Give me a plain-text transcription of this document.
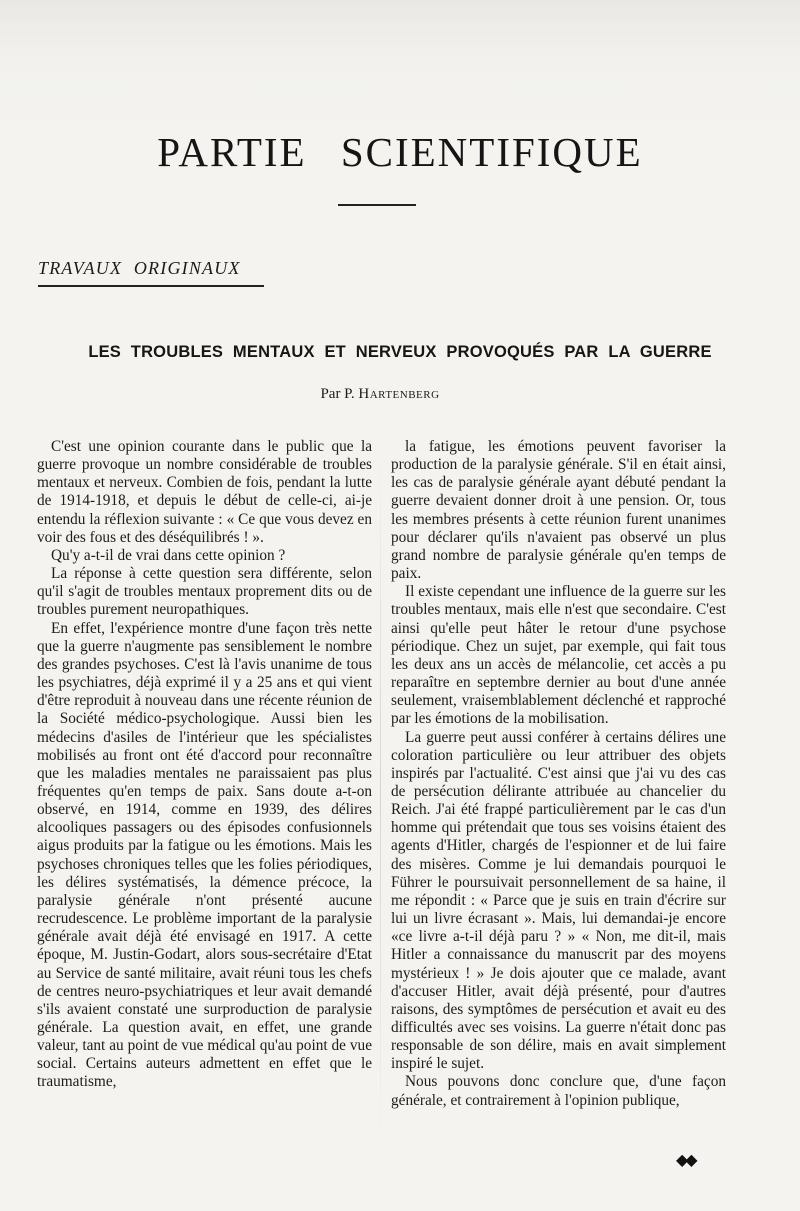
PARTIE SCIENTIFIQUE
TRAVAUX ORIGINAUX
LES TROUBLES MENTAUX ET NERVEUX PROVOQUÉS PAR LA GUERRE
Par P. Hartenberg

C'est une opinion courante dans le public que la guerre provoque un nombre considérable de troubles mentaux et nerveux. Combien de fois, pendant la lutte de 1914-1918, et depuis le début de celle-ci, ai-je entendu la réflexion suivante : « Ce que vous devez en voir des fous et des déséquilibrés ! ».

Qu'y a-t-il de vrai dans cette opinion ?

La réponse à cette question sera différente, selon qu'il s'agit de troubles mentaux proprement dits ou de troubles purement neuropathiques.

En effet, l'expérience montre d'une façon très nette que la guerre n'augmente pas sensiblement le nombre des grandes psychoses. C'est là l'avis unanime de tous les psychiatres, déjà exprimé il y a 25 ans et qui vient d'être reproduit à nouveau dans une récente réunion de la Société médico-psychologique. Aussi bien les médecins d'asiles de l'intérieur que les spécialistes mobilisés au front ont été d'accord pour reconnaître que les maladies mentales ne paraissaient pas plus fréquentes qu'en temps de paix. Sans doute a-t-on observé, en 1914, comme en 1939, des délires alcooliques passagers ou des épisodes confusionnels aigus produits par la fatigue ou les émotions. Mais les psychoses chroniques telles que les folies périodiques, les délires systématisés, la démence précoce, la paralysie générale n'ont présenté aucune recrudescence. Le problème important de la paralysie générale avait déjà été envisagé en 1917. A cette époque, M. Justin-Godart, alors sous-secrétaire d'Etat au Service de santé militaire, avait réuni tous les chefs de centres neuro-psychiatriques et leur avait demandé s'ils avaient constaté une surproduction de paralysie générale. La question avait, en effet, une grande valeur, tant au point de vue médical qu'au point de vue social. Certains auteurs admettent en effet que le traumatisme,

la fatigue, les émotions peuvent favoriser la production de la paralysie générale. S'il en était ainsi, les cas de paralysie générale ayant débuté pendant la guerre devaient donner droit à une pension. Or, tous les membres présents à cette réunion furent unanimes pour déclarer qu'ils n'avaient pas observé un plus grand nombre de paralysie générale qu'en temps de paix.

Il existe cependant une influence de la guerre sur les troubles mentaux, mais elle n'est que secondaire. C'est ainsi qu'elle peut hâter le retour d'une psychose périodique. Chez un sujet, par exemple, qui fait tous les deux ans un accès de mélancolie, cet accès a pu reparaître en septembre dernier au bout d'une année seulement, vraisemblablement déclenché et rapproché par les émotions de la mobilisation.

La guerre peut aussi conférer à certains délires une coloration particulière ou leur attribuer des objets inspirés par l'actualité. C'est ainsi que j'ai vu des cas de persécution délirante attribuée au chancelier du Reich. J'ai été frappé particulièrement par le cas d'un homme qui prétendait que tous ses voisins étaient des agents d'Hitler, chargés de l'espionner et de lui faire des misères. Comme je lui demandais pourquoi le Führer le poursuivait personnellement de sa haine, il me répondit : « Parce que je suis en train d'écrire sur lui un livre écrasant ». Mais, lui demandai-je encore «ce livre a-t-il déjà paru ? » « Non, me dit-il, mais Hitler a connaissance du manuscrit par des moyens mystérieux ! » Je dois ajouter que ce malade, avant d'accuser Hitler, avait déjà présenté, pour d'autres raisons, des symptômes de persécution et avait eu des difficultés avec ses voisins. La guerre n'était donc pas responsable de son délire, mais en avait simplement inspiré le sujet.

Nous pouvons donc conclure que, d'une façon générale, et contrairement à l'opinion publique,

◆◆
